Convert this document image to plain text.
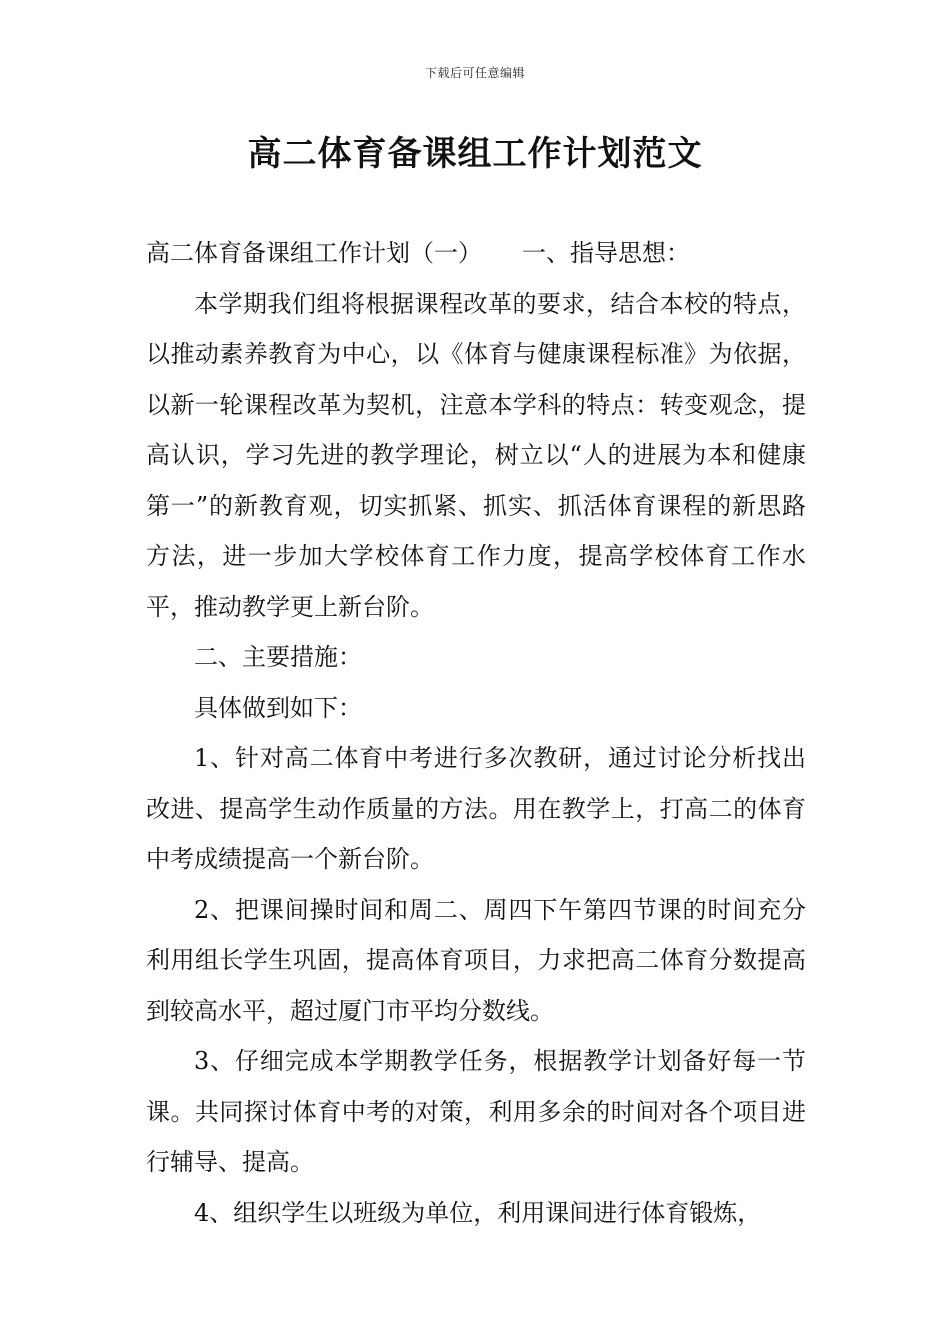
下载后可任意编辑
高二体育备课组工作计划范文

高二体育备课组工作计划（一） 一、指导思想：

本学期我们组将根据课程改革的要求，结合本校的特点，以推动素养教育为中心，以《体育与健康课程标准》为依据，以新一轮课程改革为契机，注意本学科的特点：转变观念，提高认识，学习先进的教学理论，树立以“人的进展为本和健康第一”的新教育观，切实抓紧、抓实、抓活体育课程的新思路方法，进一步加大学校体育工作力度，提高学校体育工作水平，推动教学更上新台阶。

二、主要措施：

具体做到如下：

1、针对高二体育中考进行多次教研，通过讨论分析找出改进、提高学生动作质量的方法。用在教学上，打高二的体育中考成绩提高一个新台阶。

2、把课间操时间和周二、周四下午第四节课的时间充分利用组长学生巩固，提高体育项目，力求把高二体育分数提高到较高水平，超过厦门市平均分数线。

3、仔细完成本学期教学任务，根据教学计划备好每一节课。共同探讨体育中考的对策，利用多余的时间对各个项目进行辅导、提高。

4、组织学生以班级为单位，利用课间进行体育锻炼，
